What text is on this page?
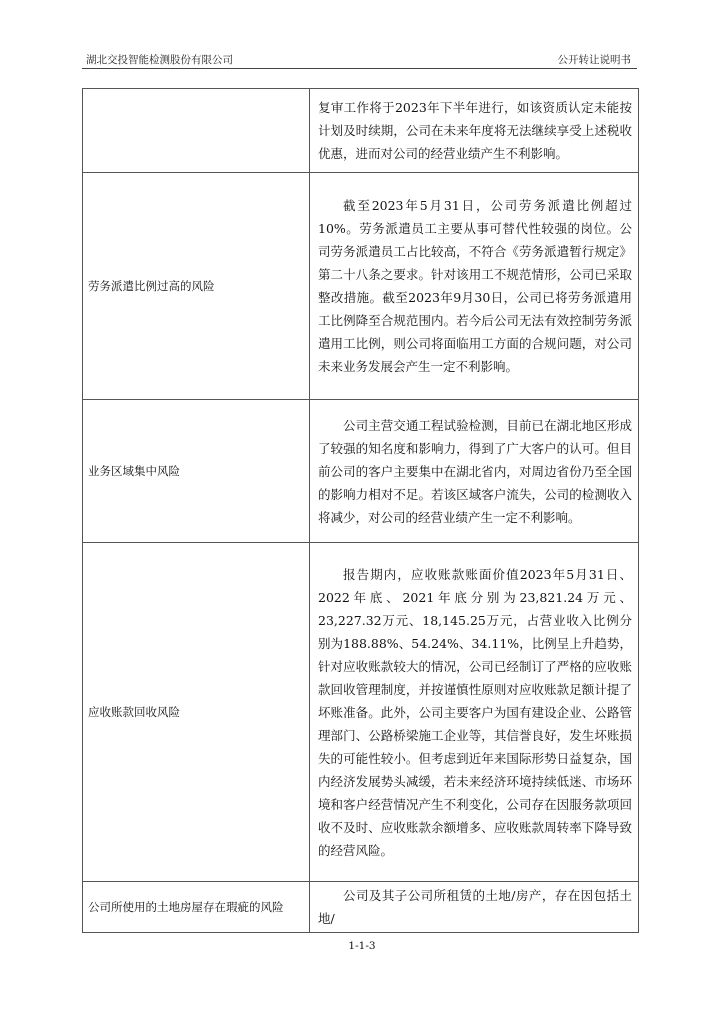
湖北交投智能检测股份有限公司	公开转让说明书
	复审工作将于2023年下半年进行，如该资质认定未能按计划及时续期，公司在未来年度将无法继续享受上述税收优惠，进而对公司的经营业绩产生不利影响。
劳务派遣比例过高的风险	截至2023年5月31日，公司劳务派遣比例超过10%。劳务派遣员工主要从事可替代性较强的岗位。公司劳务派遣员工占比较高，不符合《劳务派遣暂行规定》第二十八条之要求。针对该用工不规范情形，公司已采取整改措施。截至2023年9月30日，公司已将劳务派遣用工比例降至合规范围内。若今后公司无法有效控制劳务派遣用工比例，则公司将面临用工方面的合规问题，对公司未来业务发展会产生一定不利影响。
业务区域集中风险	公司主营交通工程试验检测，目前已在湖北地区形成了较强的知名度和影响力，得到了广大客户的认可。但目前公司的客户主要集中在湖北省内，对周边省份乃至全国的影响力相对不足。若该区域客户流失，公司的检测收入将减少，对公司的经营业绩产生一定不利影响。
应收账款回收风险	报告期内，应收账款账面价值2023年5月31日、2022年底、2021年底分别为23,821.24万元、23,227.32万元、18,145.25万元，占营业收入比例分别为188.88%、54.24%、34.11%，比例呈上升趋势，针对应收账款较大的情况，公司已经制订了严格的应收账款回收管理制度，并按谨慎性原则对应收账款足额计提了坏账准备。此外，公司主要客户为国有建设企业、公路管理部门、公路桥梁施工企业等，其信誉良好，发生坏账损失的可能性较小。但考虑到近年来国际形势日益复杂，国内经济发展势头减缓，若未来经济环境持续低迷、市场环境和客户经营情况产生不利变化，公司存在因服务款项回收不及时、应收账款余额增多、应收账款周转率下降导致的经营风险。
公司所使用的土地房屋存在瑕疵的风险	公司及其子公司所租赁的土地/房产，存在因包括土地/
1-1-3
